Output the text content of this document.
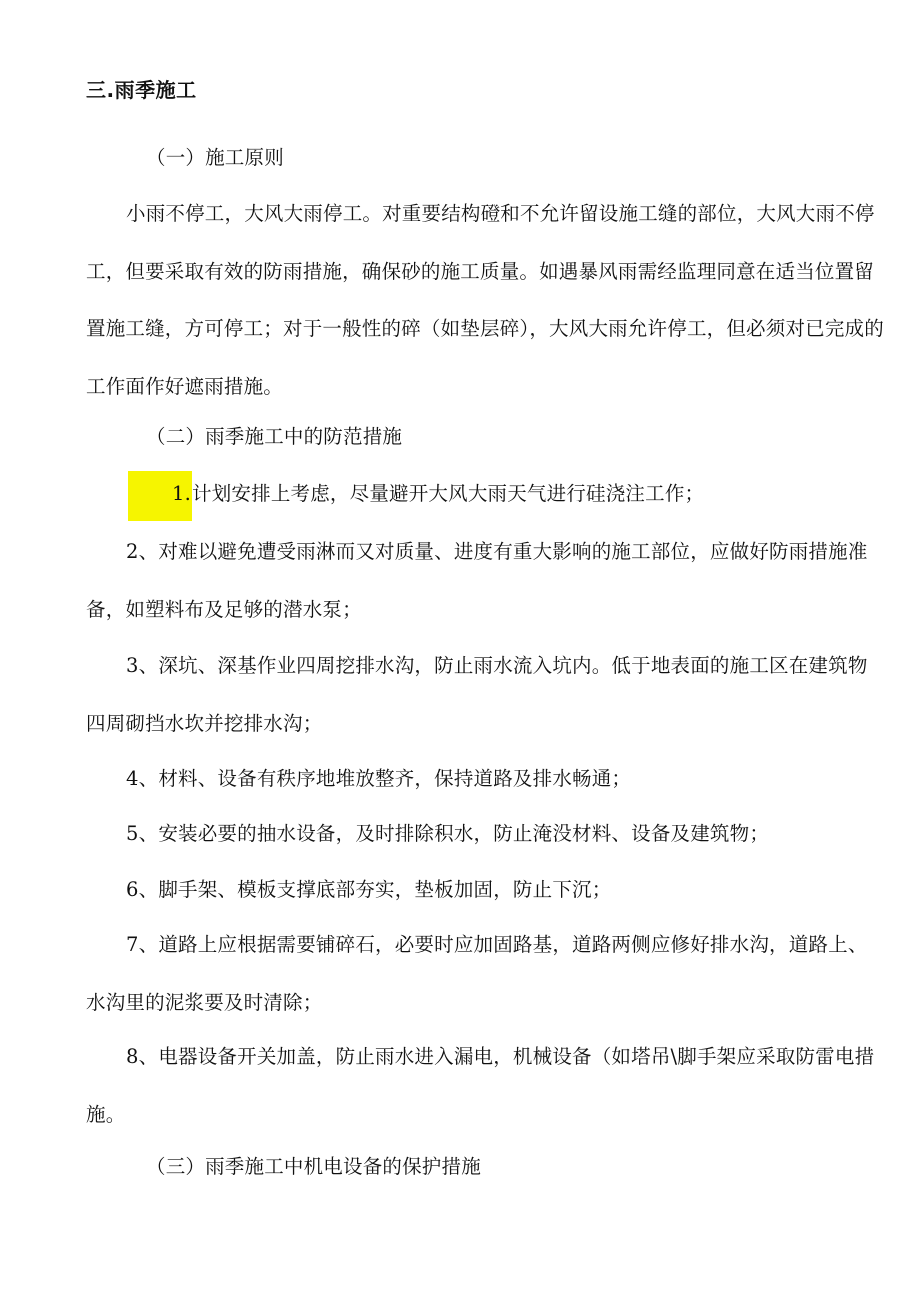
三.雨季施工

（一）施工原则

小雨不停工，大风大雨停工。对重要结构磴和不允许留设施工缝的部位，大风大雨不停工，但要采取有效的防雨措施，确保砂的施工质量。如遇暴风雨需经监理同意在适当位置留置施工缝，方可停工；对于一般性的碎（如垫层碎），大风大雨允许停工，但必须对已完成的工作面作好遮雨措施。

（二）雨季施工中的防范措施

1.计划安排上考虑，尽量避开大风大雨天气进行硅浇注工作；

2、对难以避免遭受雨淋而又对质量、进度有重大影响的施工部位，应做好防雨措施准备，如塑料布及足够的潜水泵；

3、深坑、深基作业四周挖排水沟，防止雨水流入坑内。低于地表面的施工区在建筑物四周砌挡水坎并挖排水沟；

4、材料、设备有秩序地堆放整齐，保持道路及排水畅通；

5、安装必要的抽水设备，及时排除积水，防止淹没材料、设备及建筑物；

6、脚手架、模板支撑底部夯实，垫板加固，防止下沉；

7、道路上应根据需要铺碎石，必要时应加固路基，道路两侧应修好排水沟，道路上、水沟里的泥浆要及时清除；

8、电器设备开关加盖，防止雨水进入漏电，机械设备（如塔吊\脚手架应采取防雷电措施。

（三）雨季施工中机电设备的保护措施
